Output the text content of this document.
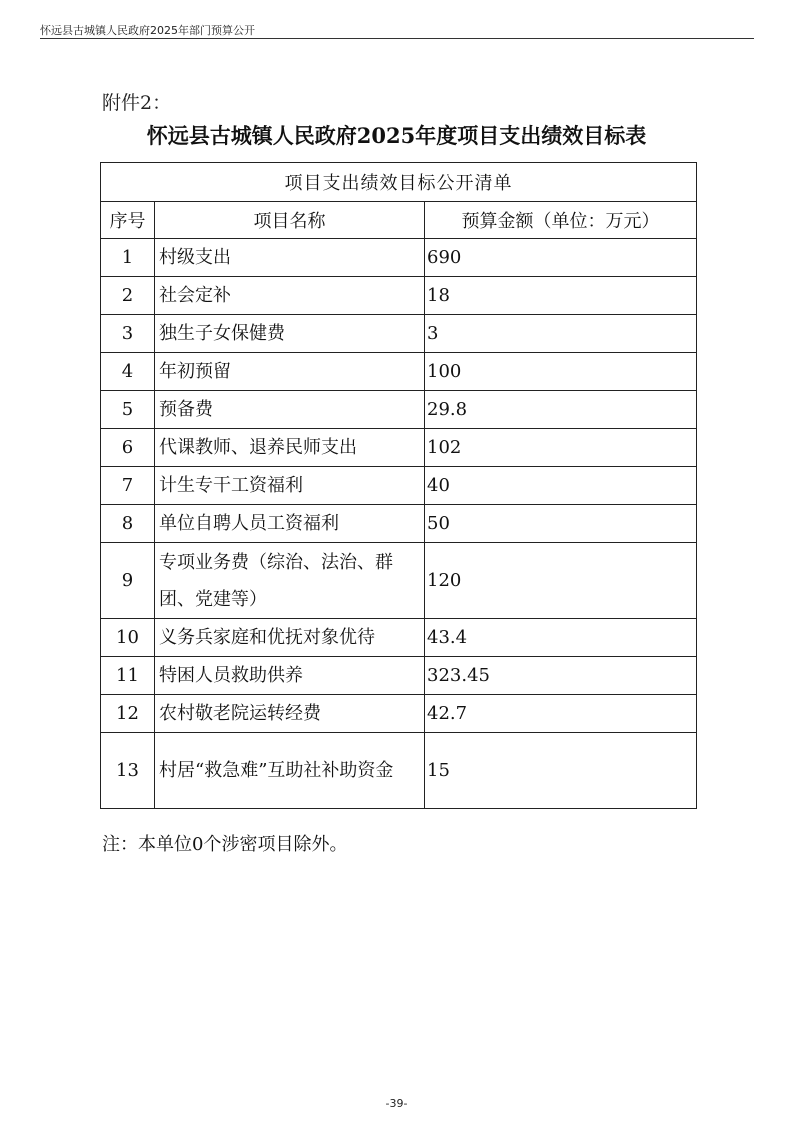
怀远县古城镇人民政府2025年部门预算公开
附件2：
怀远县古城镇人民政府2025年度项目支出绩效目标表
项目支出绩效目标公开清单		
序号	项目名称	预算金额（单位：万元）
1	村级支出	690
2	社会定补	18
3	独生子女保健费	3
4	年初预留	100
5	预备费	29.8
6	代课教师、退养民师支出	102
7	计生专干工资福利	40
8	单位自聘人员工资福利	50
9	专项业务费（综治、法治、群团、党建等）	120
10	义务兵家庭和优抚对象优待	43.4
11	特困人员救助供养	323.45
12	农村敬老院运转经费	42.7
13	村居“救急难”互助社补助资金	15
注：本单位0个涉密项目除外。
-39-
